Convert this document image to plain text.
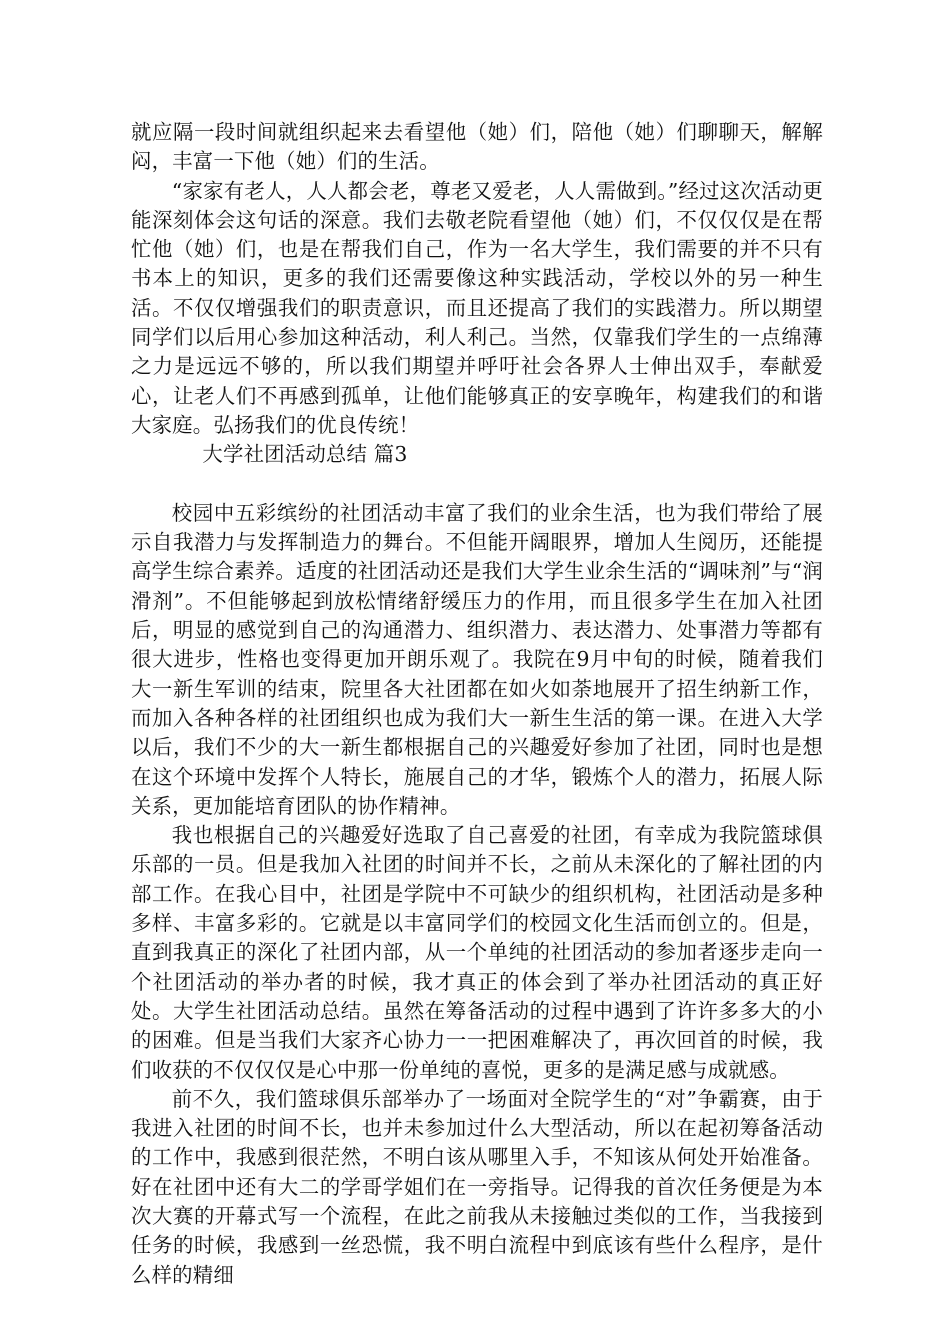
就应隔一段时间就组织起来去看望他（她）们，陪他（她）们聊聊天，解解闷，丰富一下他（她）们的生活。

“家家有老人，人人都会老，尊老又爱老，人人需做到。”经过这次活动更能深刻体会这句话的深意。我们去敬老院看望他（她）们，不仅仅仅是在帮忙他（她）们，也是在帮我们自己，作为一名大学生，我们需要的并不只有书本上的知识，更多的我们还需要像这种实践活动，学校以外的另一种生活。不仅仅增强我们的职责意识，而且还提高了我们的实践潜力。所以期望同学们以后用心参加这种活动，利人利己。当然，仅靠我们学生的一点绵薄之力是远远不够的，所以我们期望并呼吁社会各界人士伸出双手，奉献爱心，让老人们不再感到孤单，让他们能够真正的安享晚年，构建我们的和谐大家庭。弘扬我们的优良传统！

大学社团活动总结 篇3

校园中五彩缤纷的社团活动丰富了我们的业余生活，也为我们带给了展示自我潜力与发挥制造力的舞台。不但能开阔眼界，增加人生阅历，还能提高学生综合素养。适度的社团活动还是我们大学生业余生活的“调味剂”与“润滑剂”。不但能够起到放松情绪舒缓压力的作用，而且很多学生在加入社团后，明显的感觉到自己的沟通潜力、组织潜力、表达潜力、处事潜力等都有很大进步，性格也变得更加开朗乐观了。我院在9月中旬的时候，随着我们大一新生军训的结束，院里各大社团都在如火如荼地展开了招生纳新工作，而加入各种各样的社团组织也成为我们大一新生生活的第一课。在进入大学以后，我们不少的大一新生都根据自己的兴趣爱好参加了社团，同时也是想在这个环境中发挥个人特长，施展自己的才华，锻炼个人的潜力，拓展人际关系，更加能培育团队的协作精神。

我也根据自己的兴趣爱好选取了自己喜爱的社团，有幸成为我院篮球俱乐部的一员。但是我加入社团的时间并不长，之前从未深化的了解社团的内部工作。在我心目中，社团是学院中不可缺少的组织机构，社团活动是多种多样、丰富多彩的。它就是以丰富同学们的校园文化生活而创立的。但是，直到我真正的深化了社团内部，从一个单纯的社团活动的参加者逐步走向一个社团活动的举办者的时候，我才真正的体会到了举办社团活动的真正好处。大学生社团活动总结。虽然在筹备活动的过程中遇到了许许多多大的小的困难。但是当我们大家齐心协力一一把困难解决了，再次回首的时候，我们收获的不仅仅仅是心中那一份单纯的喜悦，更多的是满足感与成就感。

前不久，我们篮球俱乐部举办了一场面对全院学生的“对”争霸赛，由于我进入社团的时间不长，也并未参加过什么大型活动，所以在起初筹备活动的工作中，我感到很茫然，不明白该从哪里入手，不知该从何处开始准备。好在社团中还有大二的学哥学姐们在一旁指导。记得我的首次任务便是为本次大赛的开幕式写一个流程，在此之前我从未接触过类似的工作，当我接到任务的时候，我感到一丝恐慌，我不明白流程中到底该有些什么程序，是什么样的精细
